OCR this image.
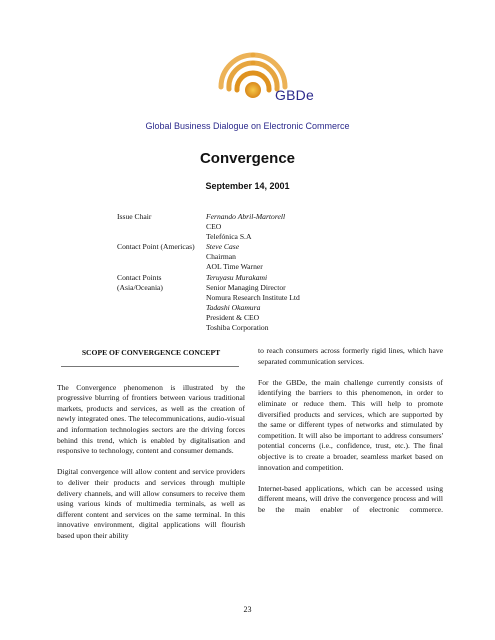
GBDe
Global Business Dialogue on Electronic Commerce
Convergence
September 14, 2001
Issue Chair	Fernando Abril-Martorell
CEO
Telefónica S.A
Contact Point (Americas)	Steve Case
Chairman
AOL Time Warner
Contact Points (Asia/Oceania)
Teruyasu Murakami
Senior Managing Director
Nomura Research Institute Ltd
Tadashi Okamura
President & CEO
Toshiba Corporation
SCOPE OF CONVERGENCE CONCEPT

The Convergence phenomenon is illustrated by the progressive blurring of frontiers between various traditional markets, products and services, as well as the creation of newly integrated ones. The telecommunications, audio-visual and information technologies sectors are the driving forces behind this trend, which is enabled by digitalisation and responsive to technology, content and consumer demands.

Digital convergence will allow content and service providers to deliver their products and services through multiple delivery channels, and will allow consumers to receive them using various kinds of multimedia terminals, as well as different content and services on the same terminal. In this innovative environment, digital applications will flourish based upon their ability

to reach consumers across formerly rigid lines, which have separated communication services.

For the GBDe, the main challenge currently consists of identifying the barriers to this phenomenon, in order to eliminate or reduce them. This will help to promote diversified products and services, which are supported by the same or different types of networks and stimulated by competition. It will also be important to address consumers' potential concerns (i.e., confidence, trust, etc.). The final objective is to create a broader, seamless market based on innovation and competition.

Internet-based applications, which can be accessed using different means, will drive the convergence process and will be the main enabler of electronic commerce.

23
